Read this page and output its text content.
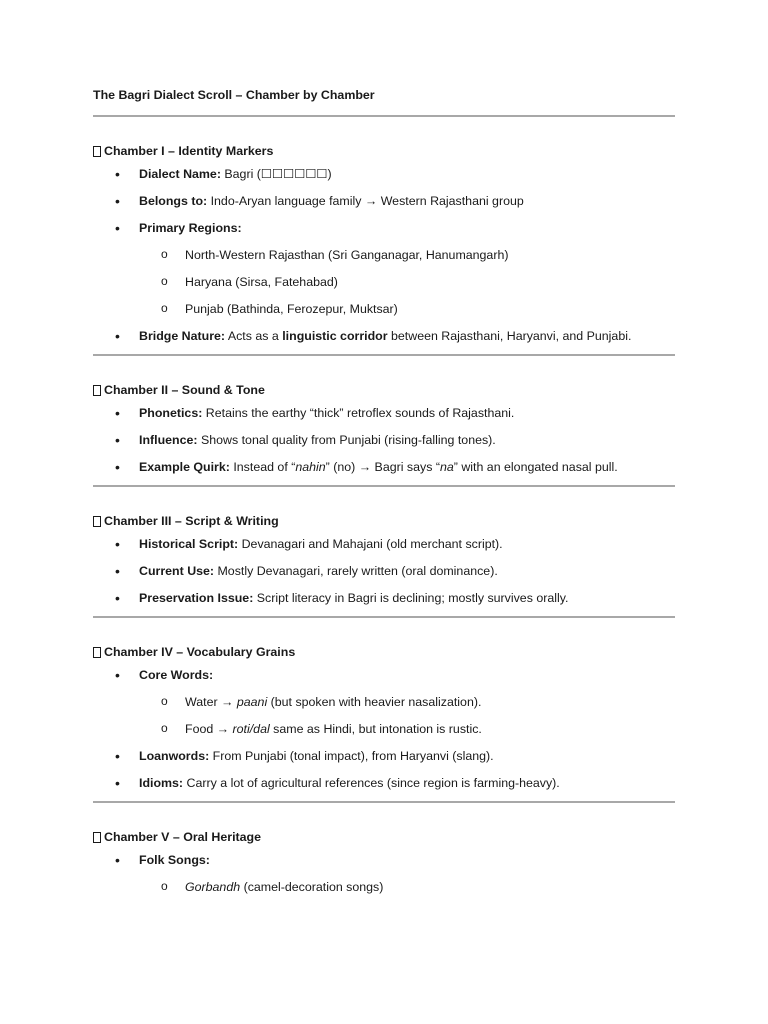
The Bagri Dialect Scroll – Chamber by Chamber
Chamber I – Identity Markers
• Dialect Name: Bagri (☐☐☐☐☐☐)
• Belongs to: Indo-Aryan language family → Western Rajasthani group
• Primary Regions:
o North-Western Rajasthan (Sri Ganganagar, Hanumangarh)
o Haryana (Sirsa, Fatehabad)
o Punjab (Bathinda, Ferozepur, Muktsar)
• Bridge Nature: Acts as a linguistic corridor between Rajasthani, Haryanvi, and Punjabi.
Chamber II – Sound & Tone
• Phonetics: Retains the earthy “thick” retroflex sounds of Rajasthani.
• Influence: Shows tonal quality from Punjabi (rising-falling tones).
• Example Quirk: Instead of “nahin” (no) → Bagri says “na” with an elongated nasal pull.
Chamber III – Script & Writing
• Historical Script: Devanagari and Mahajani (old merchant script).
• Current Use: Mostly Devanagari, rarely written (oral dominance).
• Preservation Issue: Script literacy in Bagri is declining; mostly survives orally.
Chamber IV – Vocabulary Grains
• Core Words:
o Water → paani (but spoken with heavier nasalization).
o Food → roti/dal same as Hindi, but intonation is rustic.
• Loanwords: From Punjabi (tonal impact), from Haryanvi (slang).
• Idioms: Carry a lot of agricultural references (since region is farming-heavy).
Chamber V – Oral Heritage
• Folk Songs:
o Gorbandh (camel-decoration songs)
